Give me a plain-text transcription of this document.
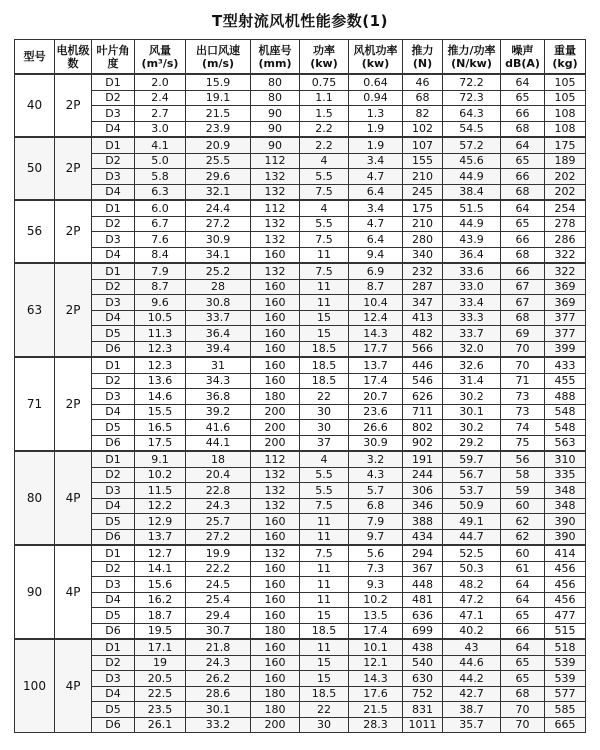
T型射流风机性能参数(1)
型号	电机级数	叶片角度	风量(m³/s)	出口风速(m/s)	机座号(mm)	功率(kw)	风机功率(kw)	推力(N)	推力/功率(N/kw)	噪声dB(A)	重量(kg)
40	2P	D1	2.0	15.9	80	0.75	0.64	46	72.2	64	105
		D2	2.4	19.1	80	1.1	0.94	68	72.3	65	105
		D3	2.7	21.5	90	1.5	1.3	82	64.3	66	108
		D4	3.0	23.9	90	2.2	1.9	102	54.5	68	108
50	2P	D1	4.1	20.9	90	2.2	1.9	107	57.2	64	175
		D2	5.0	25.5	112	4	3.4	155	45.6	65	189
		D3	5.8	29.6	132	5.5	4.7	210	44.9	66	202
		D4	6.3	32.1	132	7.5	6.4	245	38.4	68	202
56	2P	D1	6.0	24.4	112	4	3.4	175	51.5	64	254
		D2	6.7	27.2	132	5.5	4.7	210	44.9	65	278
		D3	7.6	30.9	132	7.5	6.4	280	43.9	66	286
		D4	8.4	34.1	160	11	9.4	340	36.4	68	322
63	2P	D1	7.9	25.2	132	7.5	6.9	232	33.6	66	322
		D2	8.7	28	160	11	8.7	287	33.0	67	369
		D3	9.6	30.8	160	11	10.4	347	33.4	67	369
		D4	10.5	33.7	160	15	12.4	413	33.3	68	377
		D5	11.3	36.4	160	15	14.3	482	33.7	69	377
		D6	12.3	39.4	160	18.5	17.7	566	32.0	70	399
71	2P	D1	12.3	31	160	18.5	13.7	446	32.6	70	433
		D2	13.6	34.3	160	18.5	17.4	546	31.4	71	455
		D3	14.6	36.8	180	22	20.7	626	30.2	73	488
		D4	15.5	39.2	200	30	23.6	711	30.1	73	548
		D5	16.5	41.6	200	30	26.6	802	30.2	74	548
		D6	17.5	44.1	200	37	30.9	902	29.2	75	563
80	4P	D1	9.1	18	112	4	3.2	191	59.7	56	310
		D2	10.2	20.4	132	5.5	4.3	244	56.7	58	335
		D3	11.5	22.8	132	5.5	5.7	306	53.7	59	348
		D4	12.2	24.3	132	7.5	6.8	346	50.9	60	348
		D5	12.9	25.7	160	11	7.9	388	49.1	62	390
		D6	13.7	27.2	160	11	9.7	434	44.7	62	390
90	4P	D1	12.7	19.9	132	7.5	5.6	294	52.5	60	414
		D2	14.1	22.2	160	11	7.3	367	50.3	61	456
		D3	15.6	24.5	160	11	9.3	448	48.2	64	456
		D4	16.2	25.4	160	11	10.2	481	47.2	64	456
		D5	18.7	29.4	160	15	13.5	636	47.1	65	477
		D6	19.5	30.7	180	18.5	17.4	699	40.2	66	515
100	4P	D1	17.1	21.8	160	11	10.1	438	43	64	518
		D2	19	24.3	160	15	12.1	540	44.6	65	539
		D3	20.5	26.2	160	15	14.3	630	44.2	65	539
		D4	22.5	28.6	180	18.5	17.6	752	42.7	68	577
		D5	23.5	30.1	180	22	21.5	831	38.7	70	585
		D6	26.1	33.2	200	30	28.3	1011	35.7	70	665
